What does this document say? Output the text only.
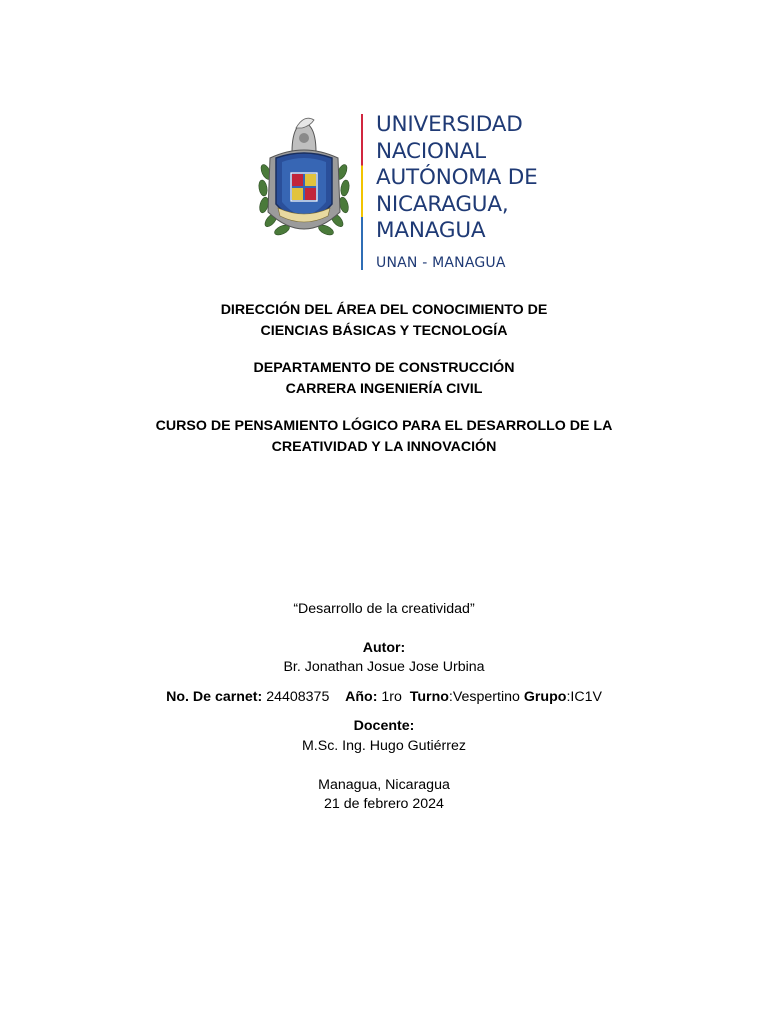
UNIVERSIDAD
NACIONAL
AUTÓNOMA DE
NICARAGUA,
MANAGUA
UNAN - MANAGUA
DIRECCIÓN DEL ÁREA DEL CONOCIMIENTO DE
CIENCIAS BÁSICAS Y TECNOLOGÍA
DEPARTAMENTO DE CONSTRUCCIÓN
CARRERA INGENIERÍA CIVIL
CURSO DE PENSAMIENTO LÓGICO PARA EL DESARROLLO DE LA
CREATIVIDAD Y LA INNOVACIÓN
“Desarrollo de la creatividad”
Autor:
Br. Jonathan Josue Jose Urbina
No. De carnet: 24408375 Año: 1ro Turno:Vespertino Grupo:IC1V
Docente:
M.Sc. Ing. Hugo Gutiérrez
Managua, Nicaragua
21 de febrero 2024
